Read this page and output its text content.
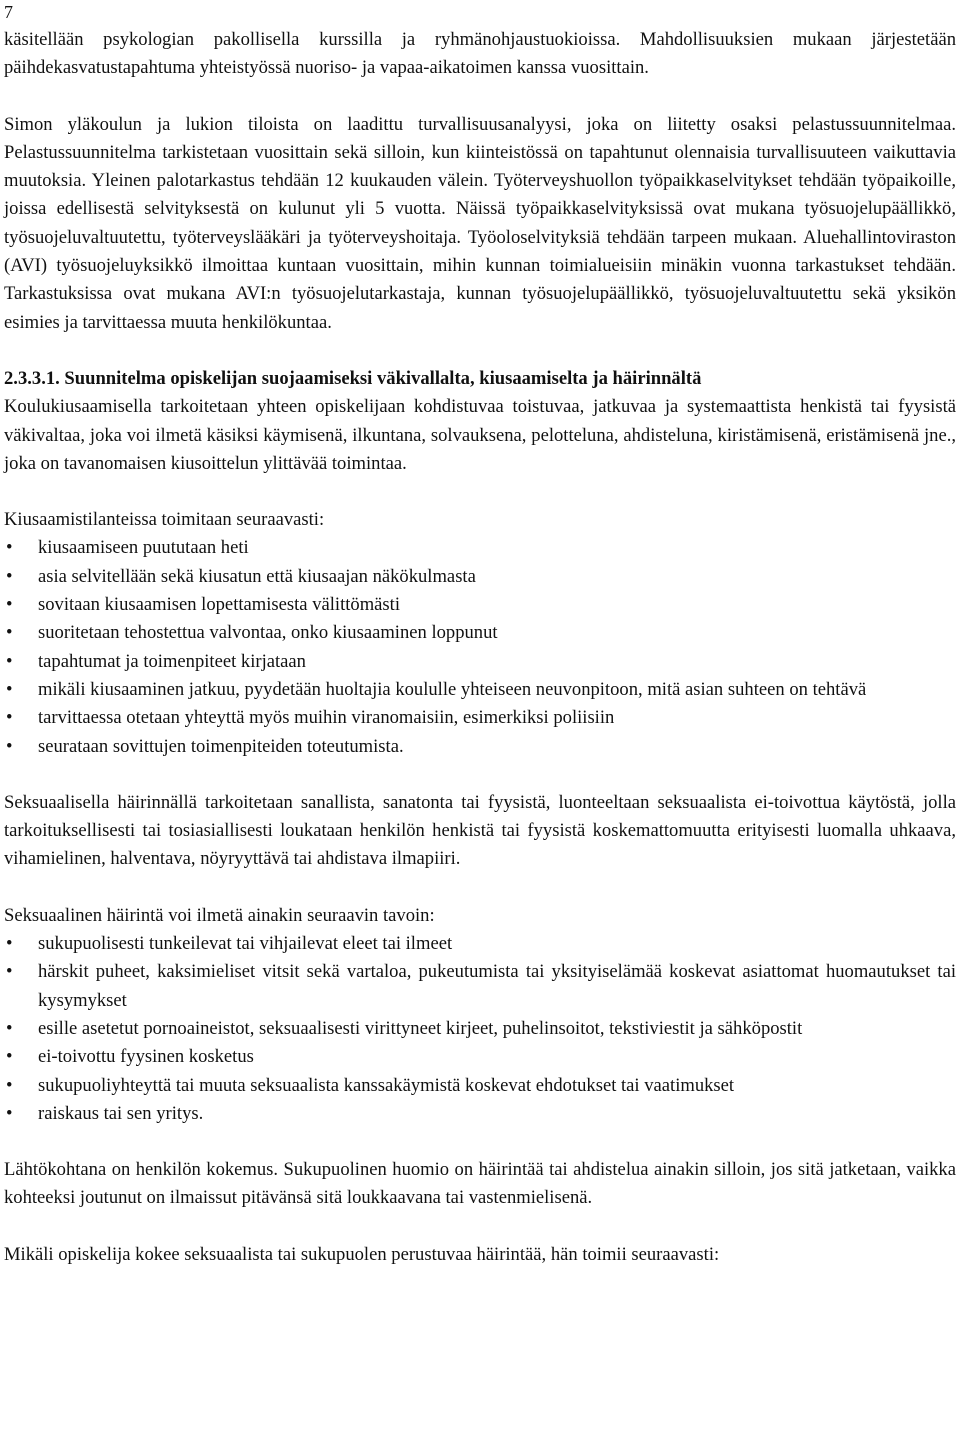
7

käsitellään psykologian pakollisella kurssilla ja ryhmänohjaustuokioissa. Mahdollisuuksien mukaan järjestetään päihdekasvatustapahtuma yhteistyössä nuoriso- ja vapaa-aikatoimen kanssa vuosittain.

Simon yläkoulun ja lukion tiloista on laadittu turvallisuusanalyysi, joka on liitetty osaksi pelastussuunnitelmaa. Pelastussuunnitelma tarkistetaan vuosittain sekä silloin, kun kiinteistössä on tapahtunut olennaisia turvallisuuteen vaikuttavia muutoksia. Yleinen palotarkastus tehdään 12 kuukauden välein. Työterveyshuollon työpaikkaselvitykset tehdään työpaikoille, joissa edellisestä selvityksestä on kulunut yli 5 vuotta. Näissä työpaikkaselvityksissä ovat mukana työsuojelupäällikkö, työsuojeluvaltuutettu, työterveyslääkäri ja työterveyshoitaja. Työoloselvityksiä tehdään tarpeen mukaan. Aluehallintoviraston (AVI) työsuojeluyksikkö ilmoittaa kuntaan vuosittain, mihin kunnan toimialueisiin minäkin vuonna tarkastukset tehdään. Tarkastuksissa ovat mukana AVI:n työsuojelutarkastaja, kunnan työsuojelupäällikkö, työsuojeluvaltuutettu sekä yksikön esimies ja tarvittaessa muuta henkilökuntaa.

2.3.3.1. Suunnitelma opiskelijan suojaamiseksi väkivallalta, kiusaamiselta ja häirinnältä

Koulukiusaamisella tarkoitetaan yhteen opiskelijaan kohdistuvaa toistuvaa, jatkuvaa ja systemaattista henkistä tai fyysistä väkivaltaa, joka voi ilmetä käsiksi käymisenä, ilkuntana, solvauksena, pelotteluna, ahdisteluna, kiristämisenä, eristämisenä jne., joka on tavanomaisen kiusoittelun ylittävää toimintaa.

Kiusaamistilanteissa toimitaan seuraavasti:

• kiusaamiseen puututaan heti
• asia selvitellään sekä kiusatun että kiusaajan näkökulmasta
• sovitaan kiusaamisen lopettamisesta välittömästi
• suoritetaan tehostettua valvontaa, onko kiusaaminen loppunut
• tapahtumat ja toimenpiteet kirjataan
• mikäli kiusaaminen jatkuu, pyydetään huoltajia koululle yhteiseen neuvonpitoon, mitä asian suhteen on tehtävä
• tarvittaessa otetaan yhteyttä myös muihin viranomaisiin, esimerkiksi poliisiin
• seurataan sovittujen toimenpiteiden toteutumista.

Seksuaalisella häirinnällä tarkoitetaan sanallista, sanatonta tai fyysistä, luonteeltaan seksuaalista ei-toivottua käytöstä, jolla tarkoituksellisesti tai tosiasiallisesti loukataan henkilön henkistä tai fyysistä koskemattomuutta erityisesti luomalla uhkaava, vihamielinen, halventava, nöyryyttävä tai ahdistava ilmapiiri.

Seksuaalinen häirintä voi ilmetä ainakin seuraavin tavoin:

• sukupuolisesti tunkeilevat tai vihjailevat eleet tai ilmeet
• härskit puheet, kaksimieliset vitsit sekä vartaloa, pukeutumista tai yksityiselämää koskevat asiattomat huomautukset tai kysymykset
• esille asetetut pornoaineistot, seksuaalisesti virittyneet kirjeet, puhelinsoitot, tekstiviestit ja sähköpostit
• ei-toivottu fyysinen kosketus
• sukupuoliyhteyttä tai muuta seksuaalista kanssakäymistä koskevat ehdotukset tai vaatimukset
• raiskaus tai sen yritys.

Lähtökohtana on henkilön kokemus. Sukupuolinen huomio on häirintää tai ahdistelua ainakin silloin, jos sitä jatketaan, vaikka kohteeksi joutunut on ilmaissut pitävänsä sitä loukkaavana tai vastenmielisenä.

Mikäli opiskelija kokee seksuaalista tai sukupuolen perustuvaa häirintää, hän toimii seuraavasti:
